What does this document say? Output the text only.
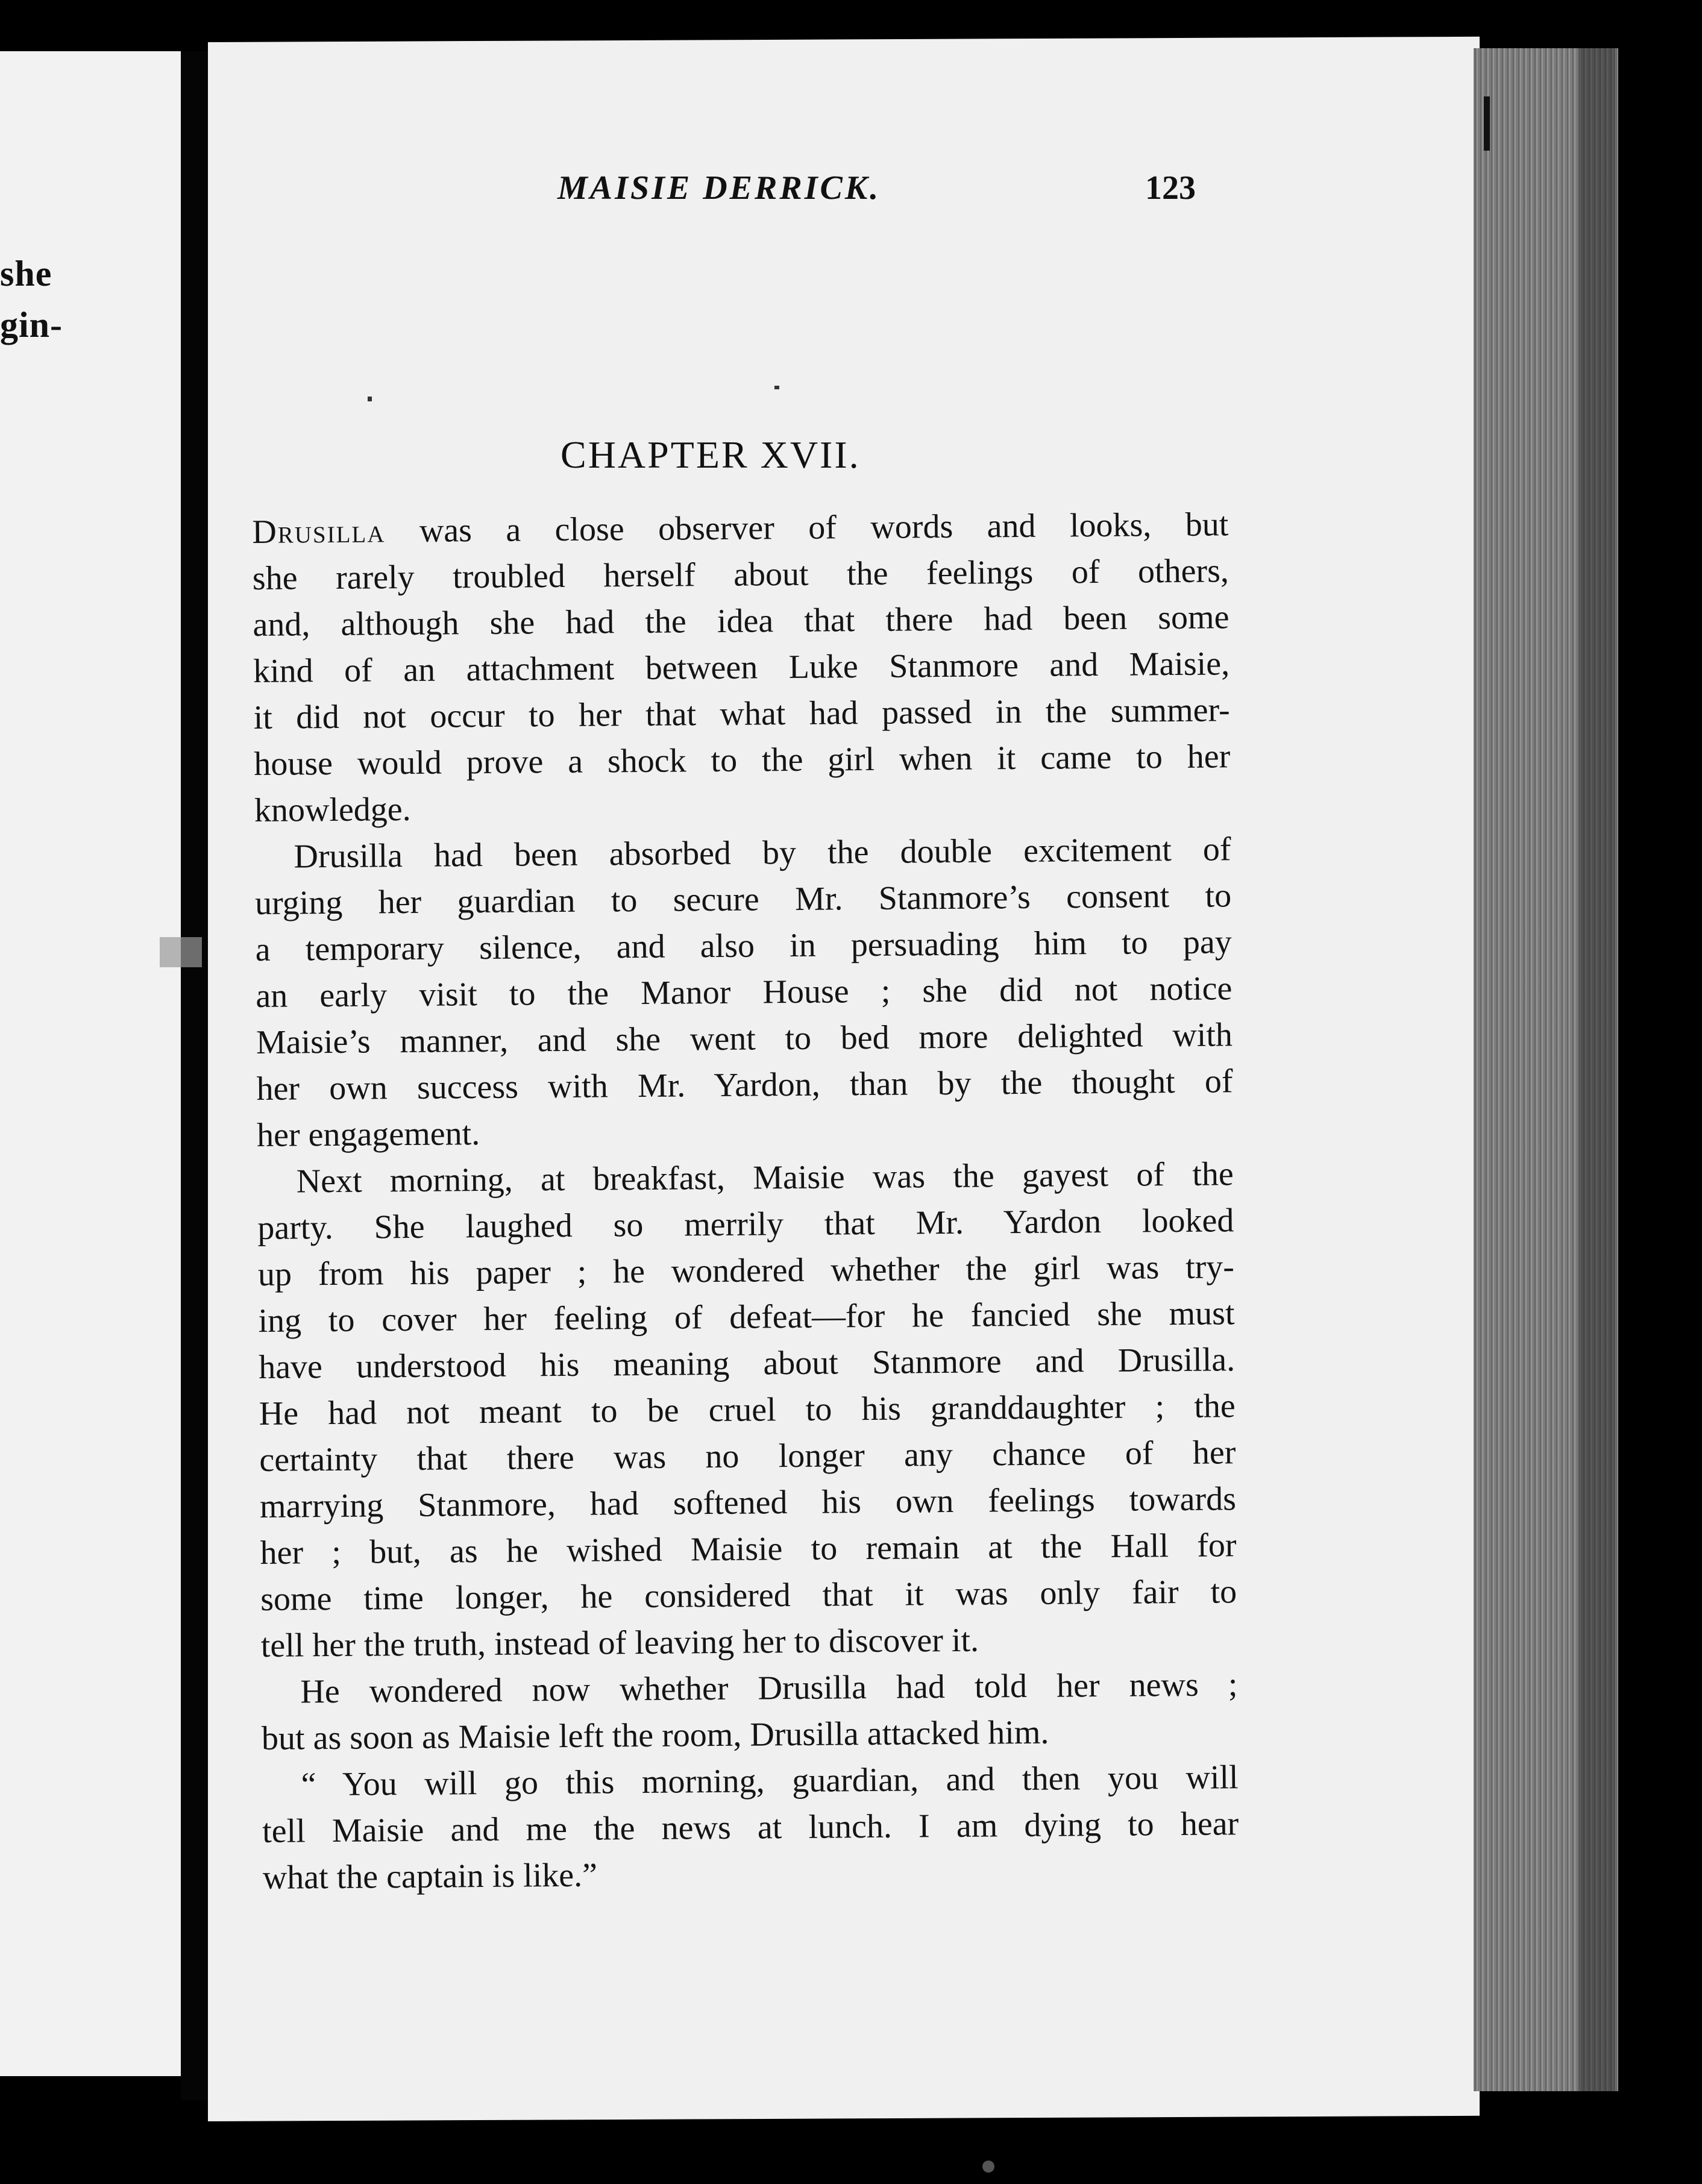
she
gin-
MAISIE DERRICK.	123
CHAPTER XVII.
Drusilla was a close observer of words and looks, but
she rarely troubled herself about the feelings of others,
and, although she had the idea that there had been some
kind of an attachment between Luke Stanmore and Maisie,
it did not occur to her that what had passed in the summer-
house would prove a shock to the girl when it came to her
knowledge.
Drusilla had been absorbed by the double excitement of
urging her guardian to secure Mr. Stanmore’s consent to
a temporary silence, and also in persuading him to pay
an early visit to the Manor House ; she did not notice
Maisie’s manner, and she went to bed more delighted with
her own success with Mr. Yardon, than by the thought of
her engagement.
Next morning, at breakfast, Maisie was the gayest of the
party. She laughed so merrily that Mr. Yardon looked
up from his paper ; he wondered whether the girl was try-
ing to cover her feeling of defeat—for he fancied she must
have understood his meaning about Stanmore and Drusilla.
He had not meant to be cruel to his granddaughter ; the
certainty that there was no longer any chance of her
marrying Stanmore, had softened his own feelings towards
her ; but, as he wished Maisie to remain at the Hall for
some time longer, he considered that it was only fair to
tell her the truth, instead of leaving her to discover it.
He wondered now whether Drusilla had told her news ;
but as soon as Maisie left the room, Drusilla attacked him.
“ You will go this morning, guardian, and then you will
tell Maisie and me the news at lunch. I am dying to hear
what the captain is like.”
